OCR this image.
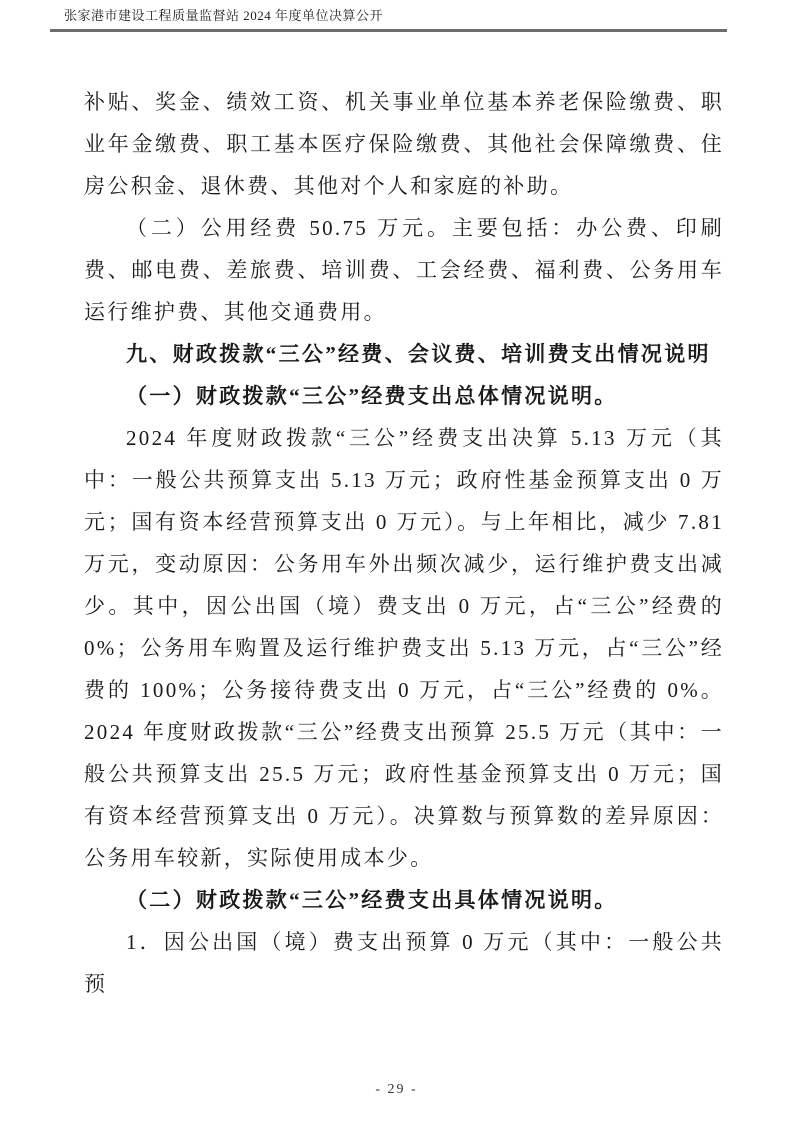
张家港市建设工程质量监督站 2024 年度单位决算公开

补贴、奖金、绩效工资、机关事业单位基本养老保险缴费、职业年金缴费、职工基本医疗保险缴费、其他社会保障缴费、住房公积金、退休费、其他对个人和家庭的补助。

（二）公用经费 50.75 万元。主要包括：办公费、印刷费、邮电费、差旅费、培训费、工会经费、福利费、公务用车运行维护费、其他交通费用。

九、财政拨款“三公”经费、会议费、培训费支出情况说明

（一）财政拨款“三公”经费支出总体情况说明。

2024 年度财政拨款“三公”经费支出决算 5.13 万元（其中：一般公共预算支出 5.13 万元；政府性基金预算支出 0 万元；国有资本经营预算支出 0 万元）。与上年相比，减少 7.81 万元，变动原因：公务用车外出频次减少，运行维护费支出减少。其中，因公出国（境）费支出 0 万元，占“三公”经费的 0%；公务用车购置及运行维护费支出 5.13 万元，占“三公”经费的 100%；公务接待费支出 0 万元，占“三公”经费的 0%。2024 年度财政拨款“三公”经费支出预算 25.5 万元（其中：一般公共预算支出 25.5 万元；政府性基金预算支出 0 万元；国有资本经营预算支出 0 万元）。决算数与预算数的差异原因：公务用车较新，实际使用成本少。

（二）财政拨款“三公”经费支出具体情况说明。

1．因公出国（境）费支出预算 0 万元（其中：一般公共预

- 29 -
